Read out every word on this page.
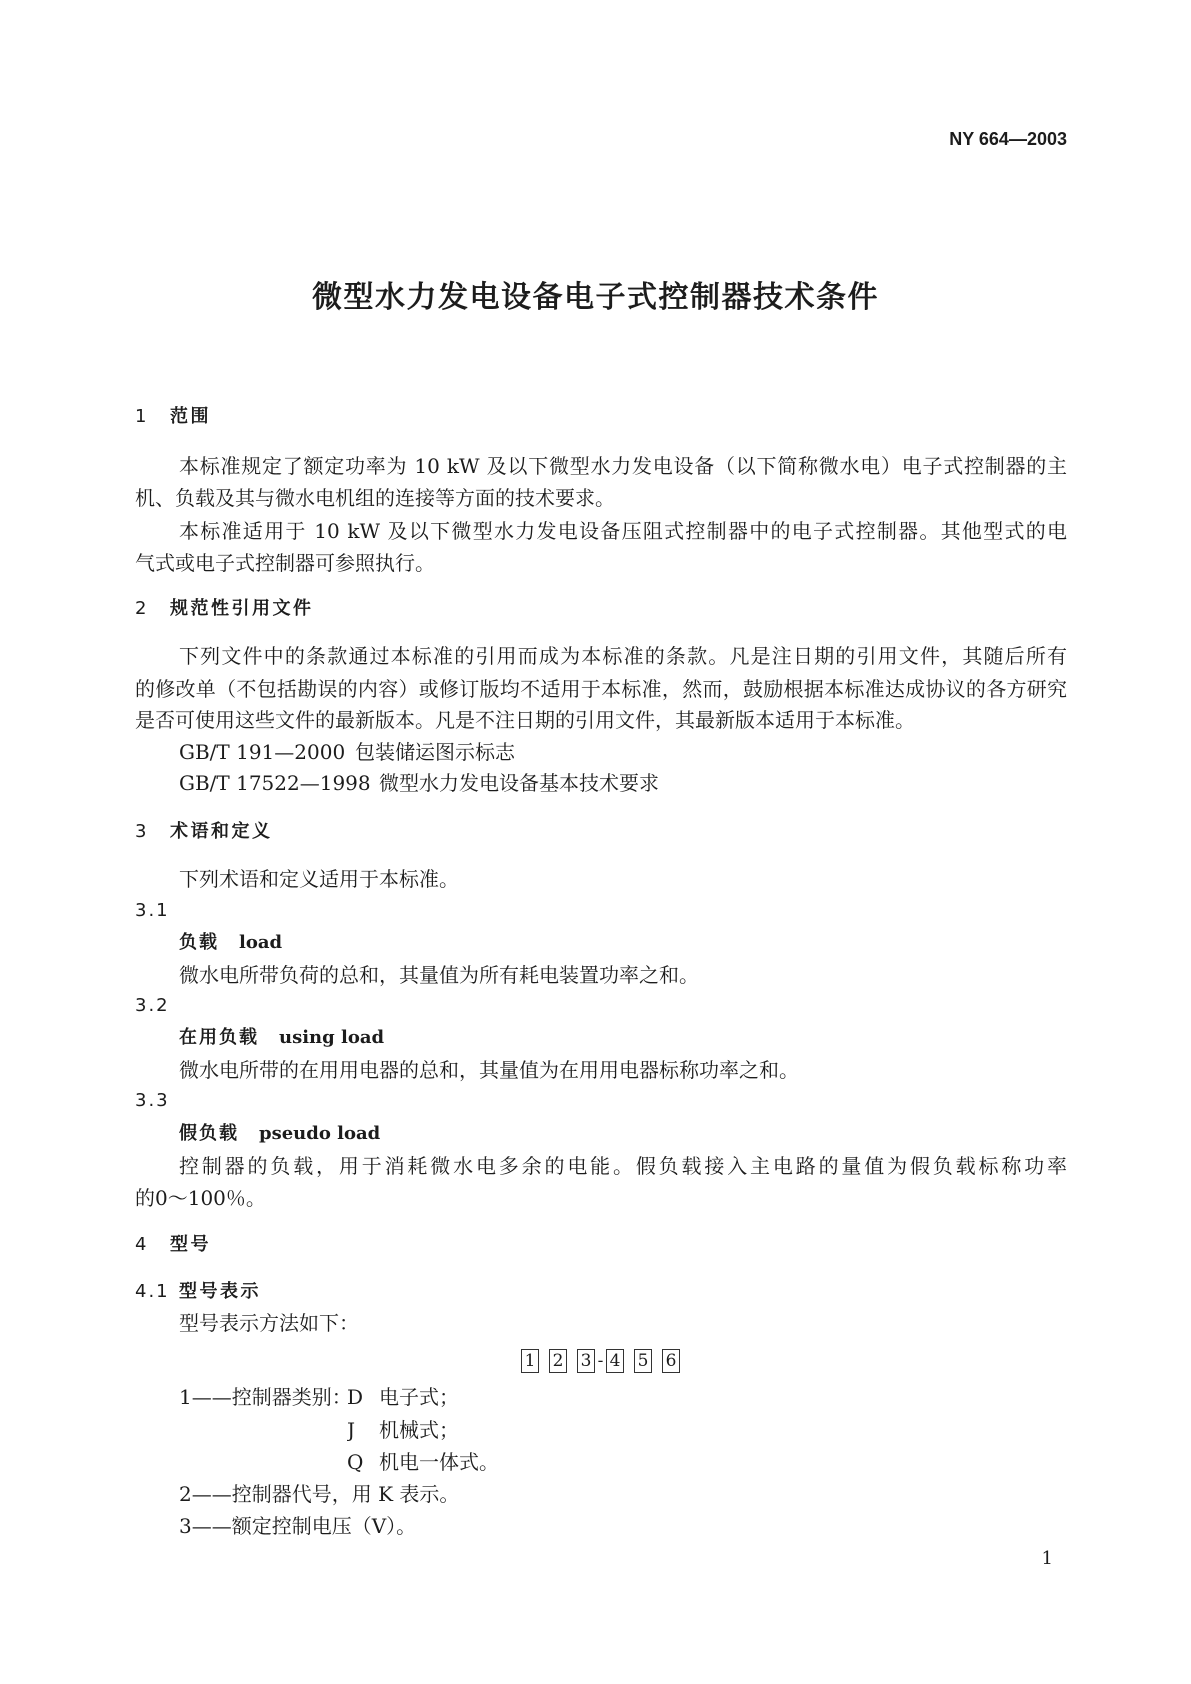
NY 664—2003
微型水力发电设备电子式控制器技术条件
1 范围
本标准规定了额定功率为 10 kW 及以下微型水力发电设备（以下简称微水电）电子式控制器的主
机、负载及其与微水电机组的连接等方面的技术要求。
本标准适用于 10 kW 及以下微型水力发电设备压阻式控制器中的电子式控制器。其他型式的电
气式或电子式控制器可参照执行。
2 规范性引用文件
下列文件中的条款通过本标准的引用而成为本标准的条款。凡是注日期的引用文件，其随后所有
的修改单（不包括勘误的内容）或修订版均不适用于本标准，然而，鼓励根据本标准达成协议的各方研究
是否可使用这些文件的最新版本。凡是不注日期的引用文件，其最新版本适用于本标准。
GB/T 191—2000 包装储运图示标志
GB/T 17522—1998 微型水力发电设备基本技术要求
3 术语和定义
下列术语和定义适用于本标准。
3.1
负载 load
微水电所带负荷的总和，其量值为所有耗电装置功率之和。
3.2
在用负载 using load
微水电所带的在用用电器的总和，其量值为在用用电器标称功率之和。
3.3
假负载 pseudo load
控制器的负载，用于消耗微水电多余的电能。假负载接入主电路的量值为假负载标称功率
的0～100％。
4 型号
4.1 型号表示
型号表示方法如下：
1 2 3 - 4 5 6
1——控制器类别：
D 电子式；
J 机械式；
Q 机电一体式。
2——控制器代号，用 K 表示。
3——额定控制电压（V）。
1
